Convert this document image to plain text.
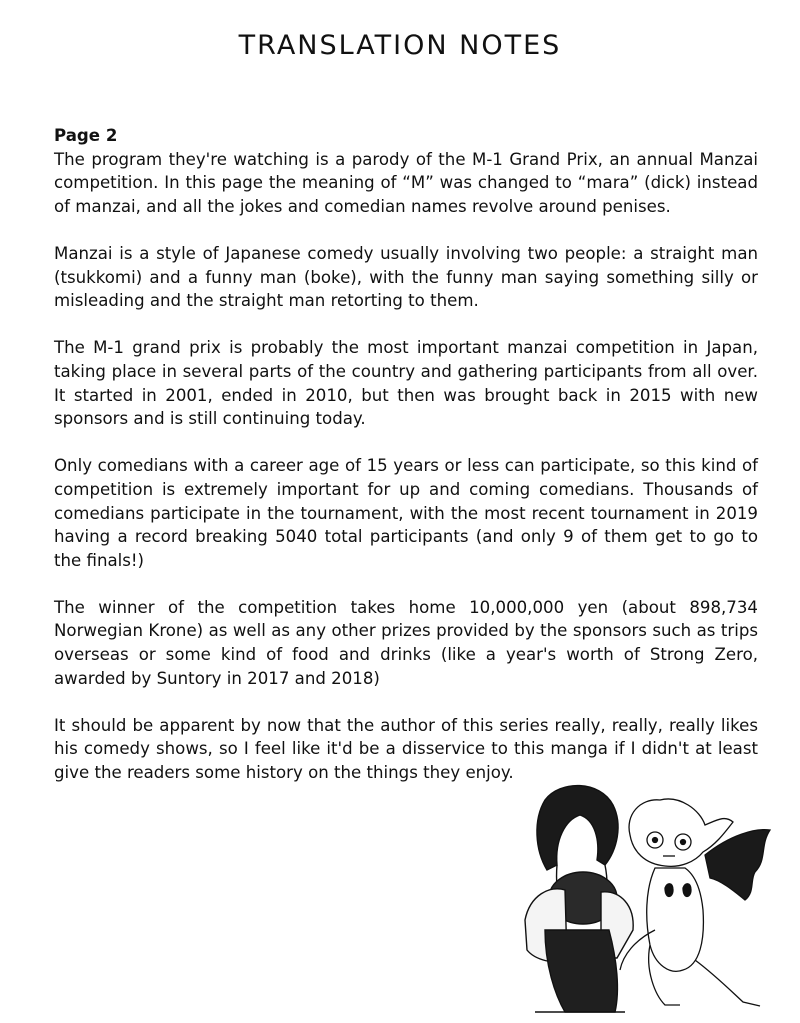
TRANSLATION NOTES
Page 2

The program they're watching is a parody of the M-1 Grand Prix, an annual Manzai competition. In this page the meaning of “M” was changed to “mara” (dick) instead of manzai, and all the jokes and comedian names revolve around penises.

Manzai is a style of Japanese comedy usually involving two people: a straight man (tsukkomi) and a funny man (boke), with the funny man saying something silly or misleading and the straight man retorting to them.

The M-1 grand prix is probably the most important manzai competition in Japan, taking place in several parts of the country and gathering participants from all over. It started in 2001, ended in 2010, but then was brought back in 2015 with new sponsors and is still continuing today.

Only comedians with a career age of 15 years or less can participate, so this kind of competition is extremely important for up and coming comedians. Thousands of comedians participate in the tournament, with the most recent tournament in 2019 having a record breaking 5040 total participants (and only 9 of them get to go to the finals!)

The winner of the competition takes home 10,000,000 yen (about 898,734 Norwegian Krone) as well as any other prizes provided by the sponsors such as trips overseas or some kind of food and drinks (like a year's worth of Strong Zero, awarded by Suntory in 2017 and 2018)

It should be apparent by now that the author of this series really, really, really likes his comedy shows, so I feel like it'd be a disservice to this manga if I didn't at least give the readers some history on the things they enjoy.
